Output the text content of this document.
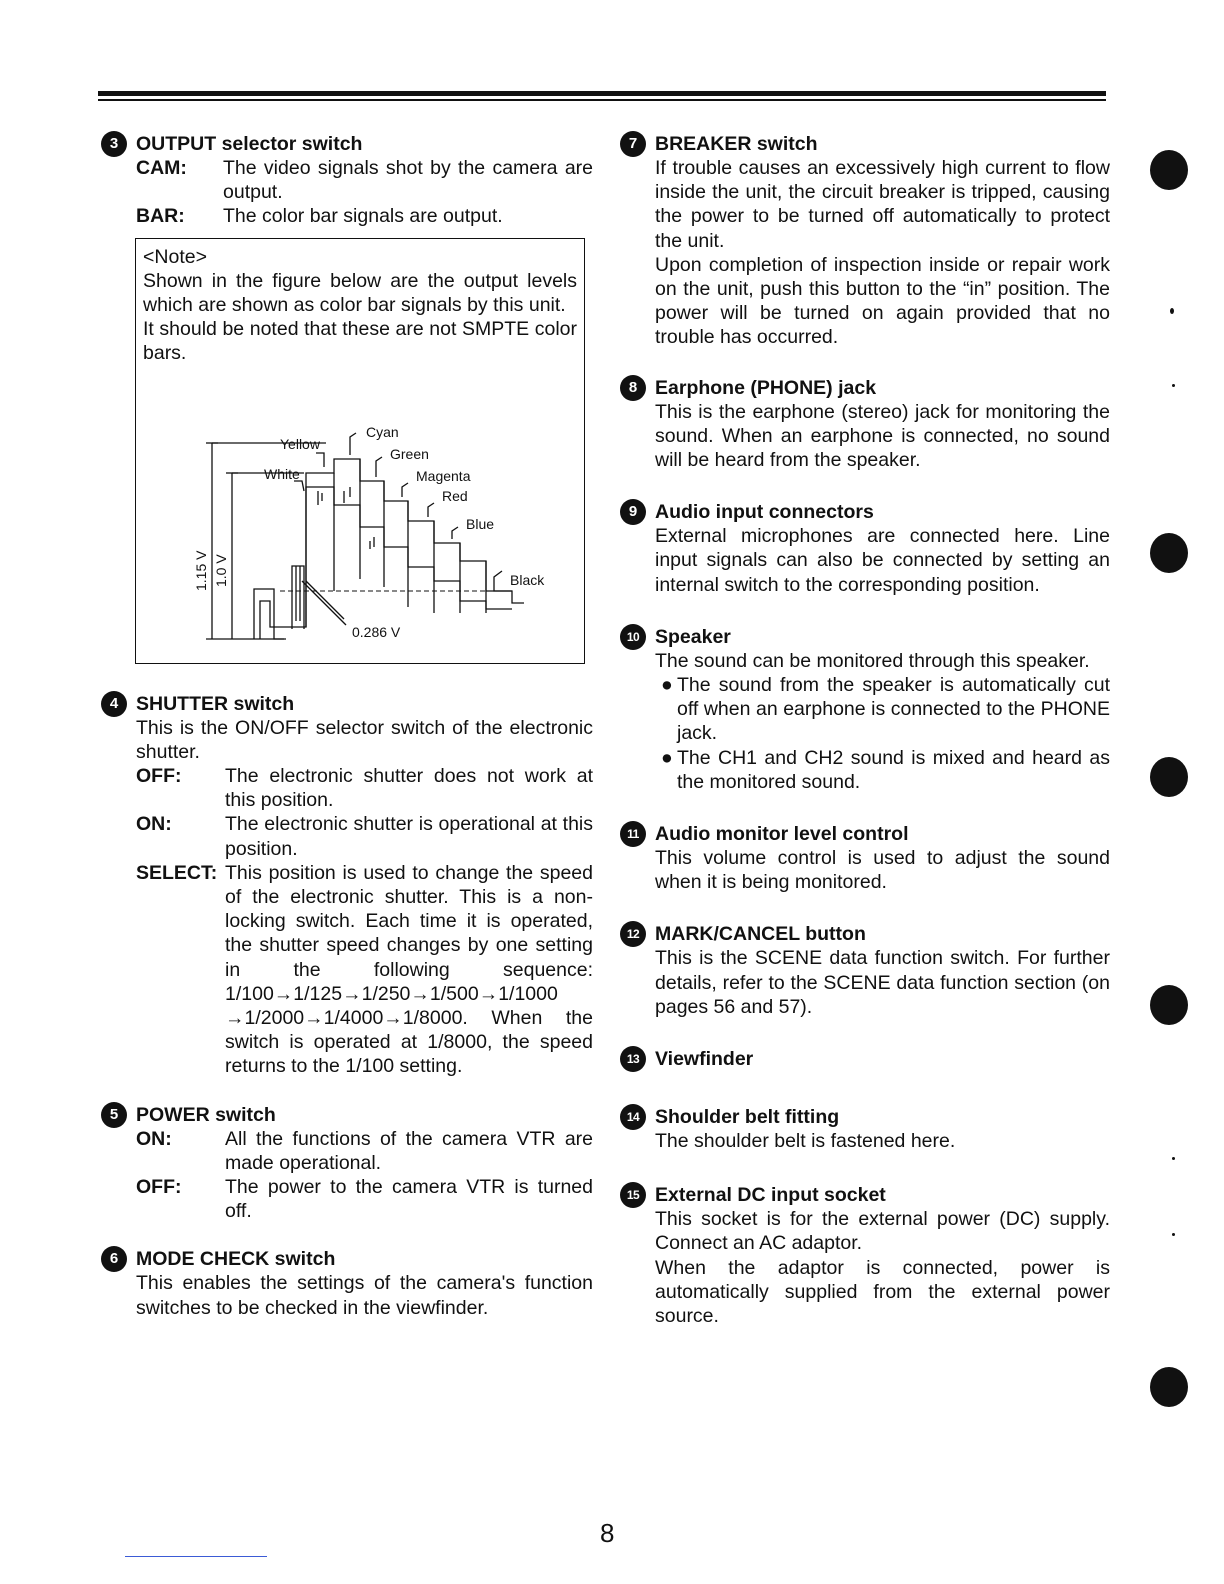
3 OUTPUT selector switch
CAM:	The video signals shot by the camera are output.
BAR:	The color bar signals are output.

<Note>

Shown in the figure below are the output levels which are shown as color bar signals by this unit.

It should be noted that these are not SMPTE color bars.

Yellow
Cyan
Green
White	Magenta
Red
Blue
Black
0.286 V
1.15 V 1.0 V
4 SHUTTER switch

This is the ON/OFF selector switch of the electronic shutter.

OFF:	The electronic shutter does not work at this position.
ON:	The electronic shutter is operational at this position.
SELECT: This position is used to change the speed of the electronic shutter. This is a non-locking switch. Each time it is operated, the shutter speed changes by one setting in the following sequence: 1/100→1/125→1/250→1/500→1/1000 →1/2000→1/4000→1/8000. When the switch is operated at 1/8000, the speed returns to the 1/100 setting.
5 POWER switch
ON:	All the functions of the camera VTR are made operational.
OFF:	The power to the camera VTR is turned off.
6 MODE CHECK switch

This enables the settings of the camera's function switches to be checked in the viewfinder.

7 BREAKER switch

If trouble causes an excessively high current to flow inside the unit, the circuit breaker is tripped, causing the power to be turned off automatically to protect the unit.

Upon completion of inspection inside or repair work on the unit, push this button to the “in” position. The power will be turned on again provided that no trouble has occurred.

8 Earphone (PHONE) jack

This is the earphone (stereo) jack for monitoring the sound. When an earphone is connected, no sound will be heard from the speaker.

9 Audio input connectors

External microphones are connected here. Line input signals can also be connected by setting an internal switch to the corresponding position.

10 Speaker

The sound can be monitored through this speaker.

● The sound from the speaker is automatically cut off when an earphone is connected to the PHONE jack.
● The CH1 and CH2 sound is mixed and heard as the monitored sound.
11 Audio monitor level control

This volume control is used to adjust the sound when it is being monitored.

12 MARK/CANCEL button

This is the SCENE data function switch. For further details, refer to the SCENE data function section (on pages 56 and 57).

13 Viewfinder
14 Shoulder belt fitting

The shoulder belt is fastened here.

15 External DC input socket

This socket is for the external power (DC) supply. Connect an AC adaptor.

When the adaptor is connected, power is automatically supplied from the external power source.

8
